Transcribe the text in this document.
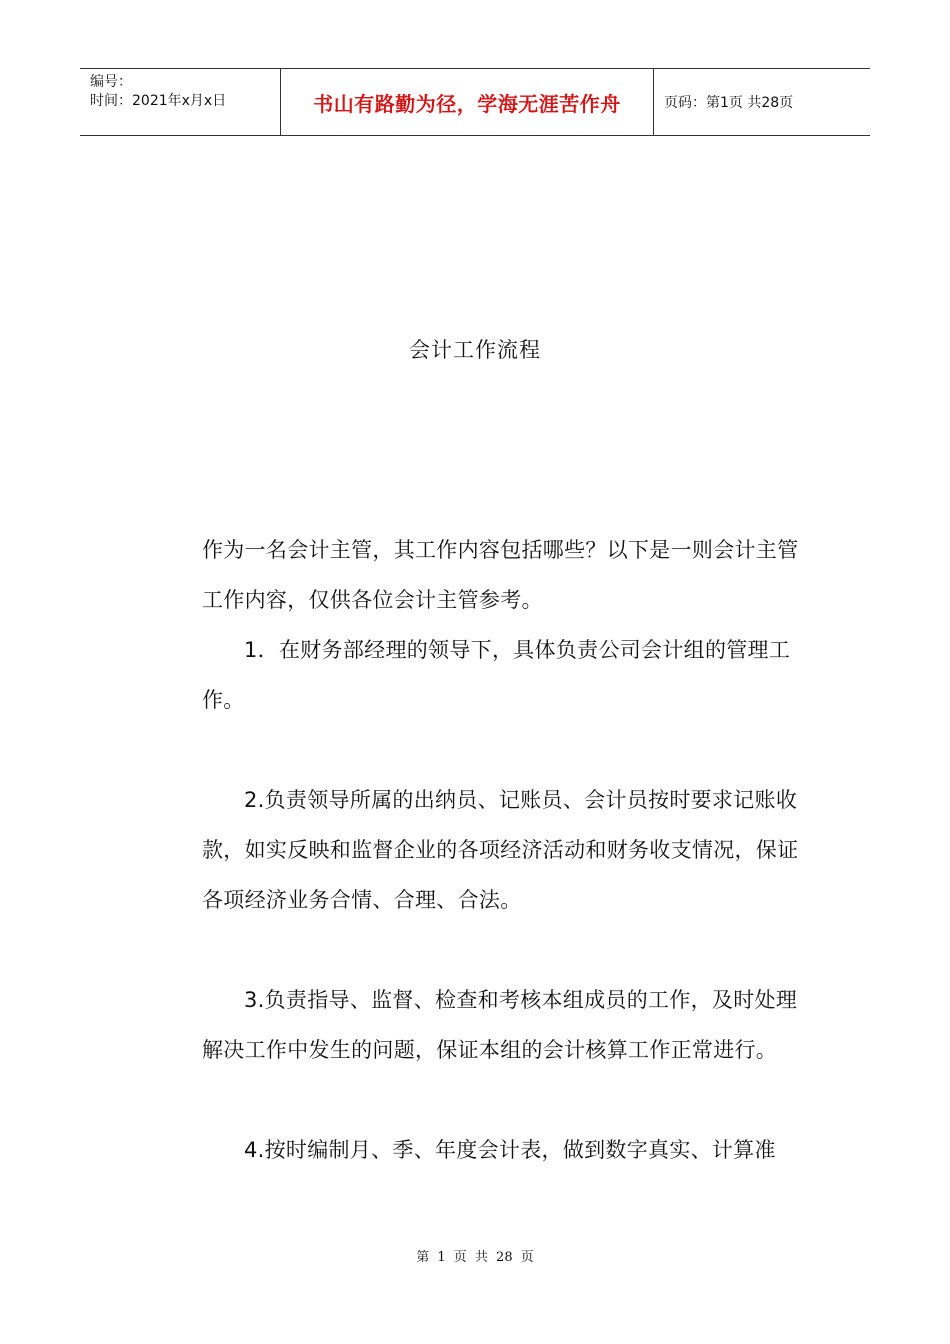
编号：
时间：2021年x月x日	书山有路勤为径，学海无涯苦作舟	页码：第1页 共28页
会计工作流程

作为一名会计主管，其工作内容包括哪些？以下是一则会计主管工作内容，仅供各位会计主管参考。

1．在财务部经理的领导下，具体负责公司会计组的管理工作。

2.负责领导所属的出纳员、记账员、会计员按时要求记账收款，如实反映和监督企业的各项经济活动和财务收支情况，保证各项经济业务合情、合理、合法。

3.负责指导、监督、检查和考核本组成员的工作，及时处理解决工作中发生的问题，保证本组的会计核算工作正常进行。

4.按时编制月、季、年度会计表，做到数字真实、计算准

第 1 页 共 28 页
